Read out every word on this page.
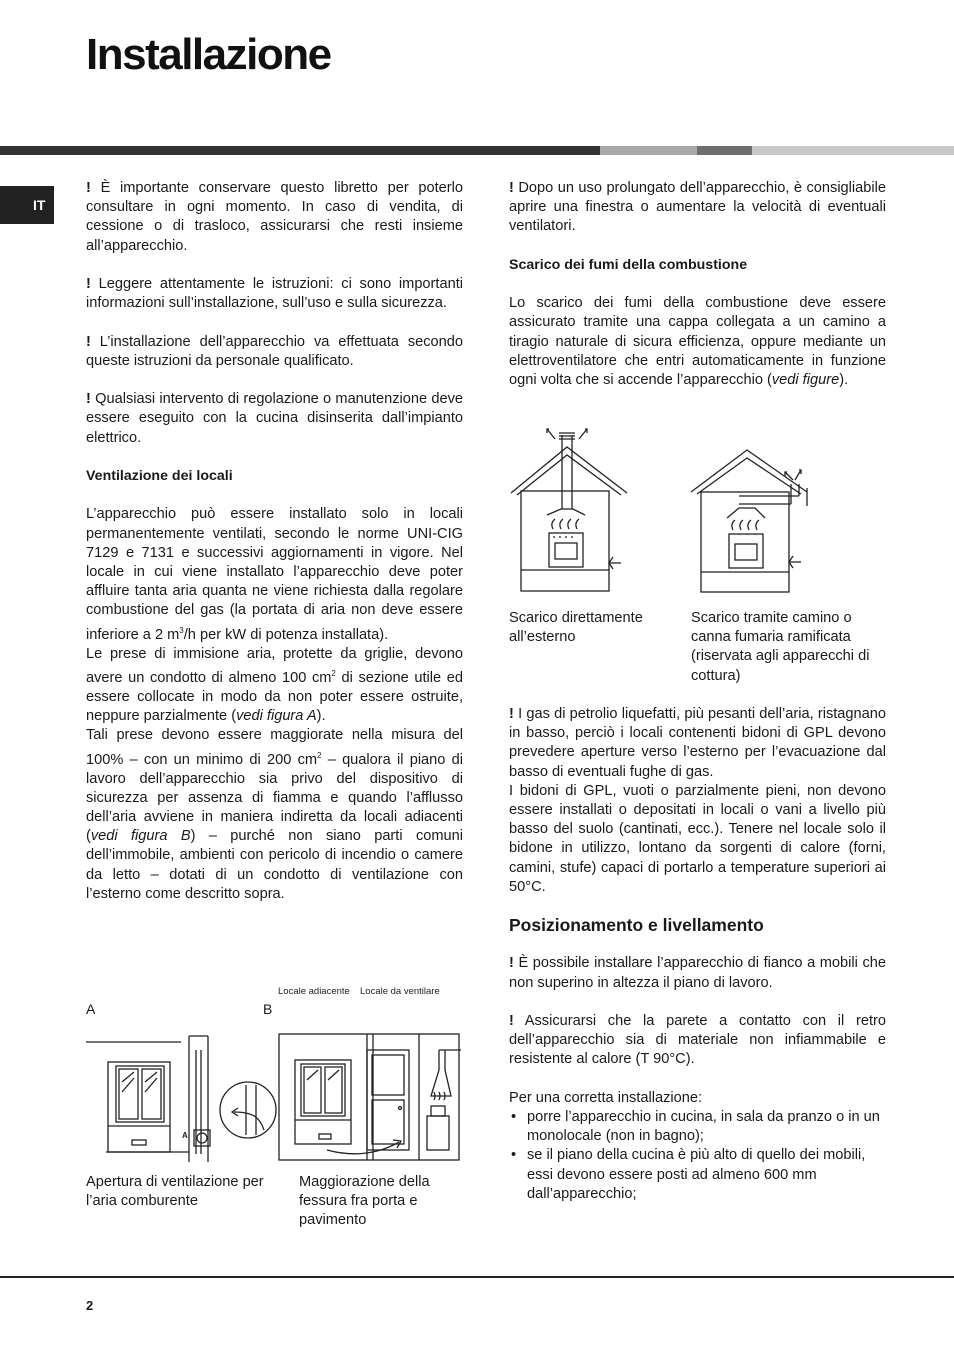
Installazione
IT

! È importante conservare questo libretto per poterlo consultare in ogni momento. In caso di vendita, di cessione o di trasloco, assicurarsi che resti insieme all’apparecchio.

! Leggere attentamente le istruzioni: ci sono importanti informazioni sull’installazione, sull’uso e sulla sicurezza.

! L’installazione dell’apparecchio va effettuata secondo queste istruzioni da personale qualificato.

! Qualsiasi intervento di regolazione o manutenzione deve essere eseguito con la cucina disinserita dall’impianto elettrico.

Ventilazione dei locali

L’apparecchio può essere installato solo in locali permanentemente ventilati, secondo le norme UNI-CIG 7129 e 7131 e successivi aggiornamenti in vigore. Nel locale in cui viene installato l’apparecchio deve poter affluire tanta aria quanta ne viene richiesta dalla regolare combustione del gas (la portata di aria non deve essere inferiore a 2 $m^3/h$ per kW di potenza installata).

Le prese di immisione aria, protette da griglie, devono avere un condotto di almeno 100 $cm^2$ di sezione utile ed essere collocate in modo da non poter essere ostruite, neppure parzialmente (vedi figura A).

Tali prese devono essere maggiorate nella misura del 100% – con un minimo di 200 $cm^2$ – qualora il piano di lavoro dell’apparecchio sia privo del dispositivo di sicurezza per assenza di fiamma e quando l’afflusso dell’aria avviene in maniera indiretta da locali adiacenti (vedi figura B) – purché non siano parti comuni dell’immobile, ambienti con pericolo di incendio o camere da letto – dotati di un condotto di ventilazione con l’esterno come descritto sopra.

Locale adiacente Locale da ventilare
A	B
A
Apertura di ventilazione per l’aria comburente
Maggiorazione della fessura fra porta e pavimento

! Dopo un uso prolungato dell’apparecchio, è consigliabile aprire una finestra o aumentare la velocità di eventuali ventilatori.

Scarico dei fumi della combustione

Lo scarico dei fumi della combustione deve essere assicurato tramite una cappa collegata a un camino a tiragio naturale di sicura efficienza, oppure mediante un elettroventilatore che entri automaticamente in funzione ogni volta che si accende l’apparecchio (vedi figure).

Scarico direttamente all’esterno
Scarico tramite camino o canna fumaria ramificata (riservata agli apparecchi di cottura)

! I gas di petrolio liquefatti, più pesanti dell’aria, ristagnano in basso, perciò i locali contenenti bidoni di GPL devono prevedere aperture verso l’esterno per l’evacuazione dal basso di eventuali fughe di gas.

I bidoni di GPL, vuoti o parzialmente pieni, non devono essere installati o depositati in locali o vani a livello più basso del suolo (cantinati, ecc.). Tenere nel locale solo il bidone in utilizzo, lontano da sorgenti di calore (forni, camini, stufe) capaci di portarlo a temperature superiori ai 50°C.

Posizionamento e livellamento

! È possibile installare l’apparecchio di fianco a mobili che non superino in altezza il piano di lavoro.

! Assicurarsi che la parete a contatto con il retro dell’apparecchio sia di materiale non infiammabile e resistente al calore (T 90°C).

Per una corretta installazione:

• porre l’apparecchio in cucina, in sala da pranzo o in un monolocale (non in bagno);
• se il piano della cucina è più alto di quello dei mobili, essi devono essere posti ad almeno 600 mm dall’apparecchio;
2
